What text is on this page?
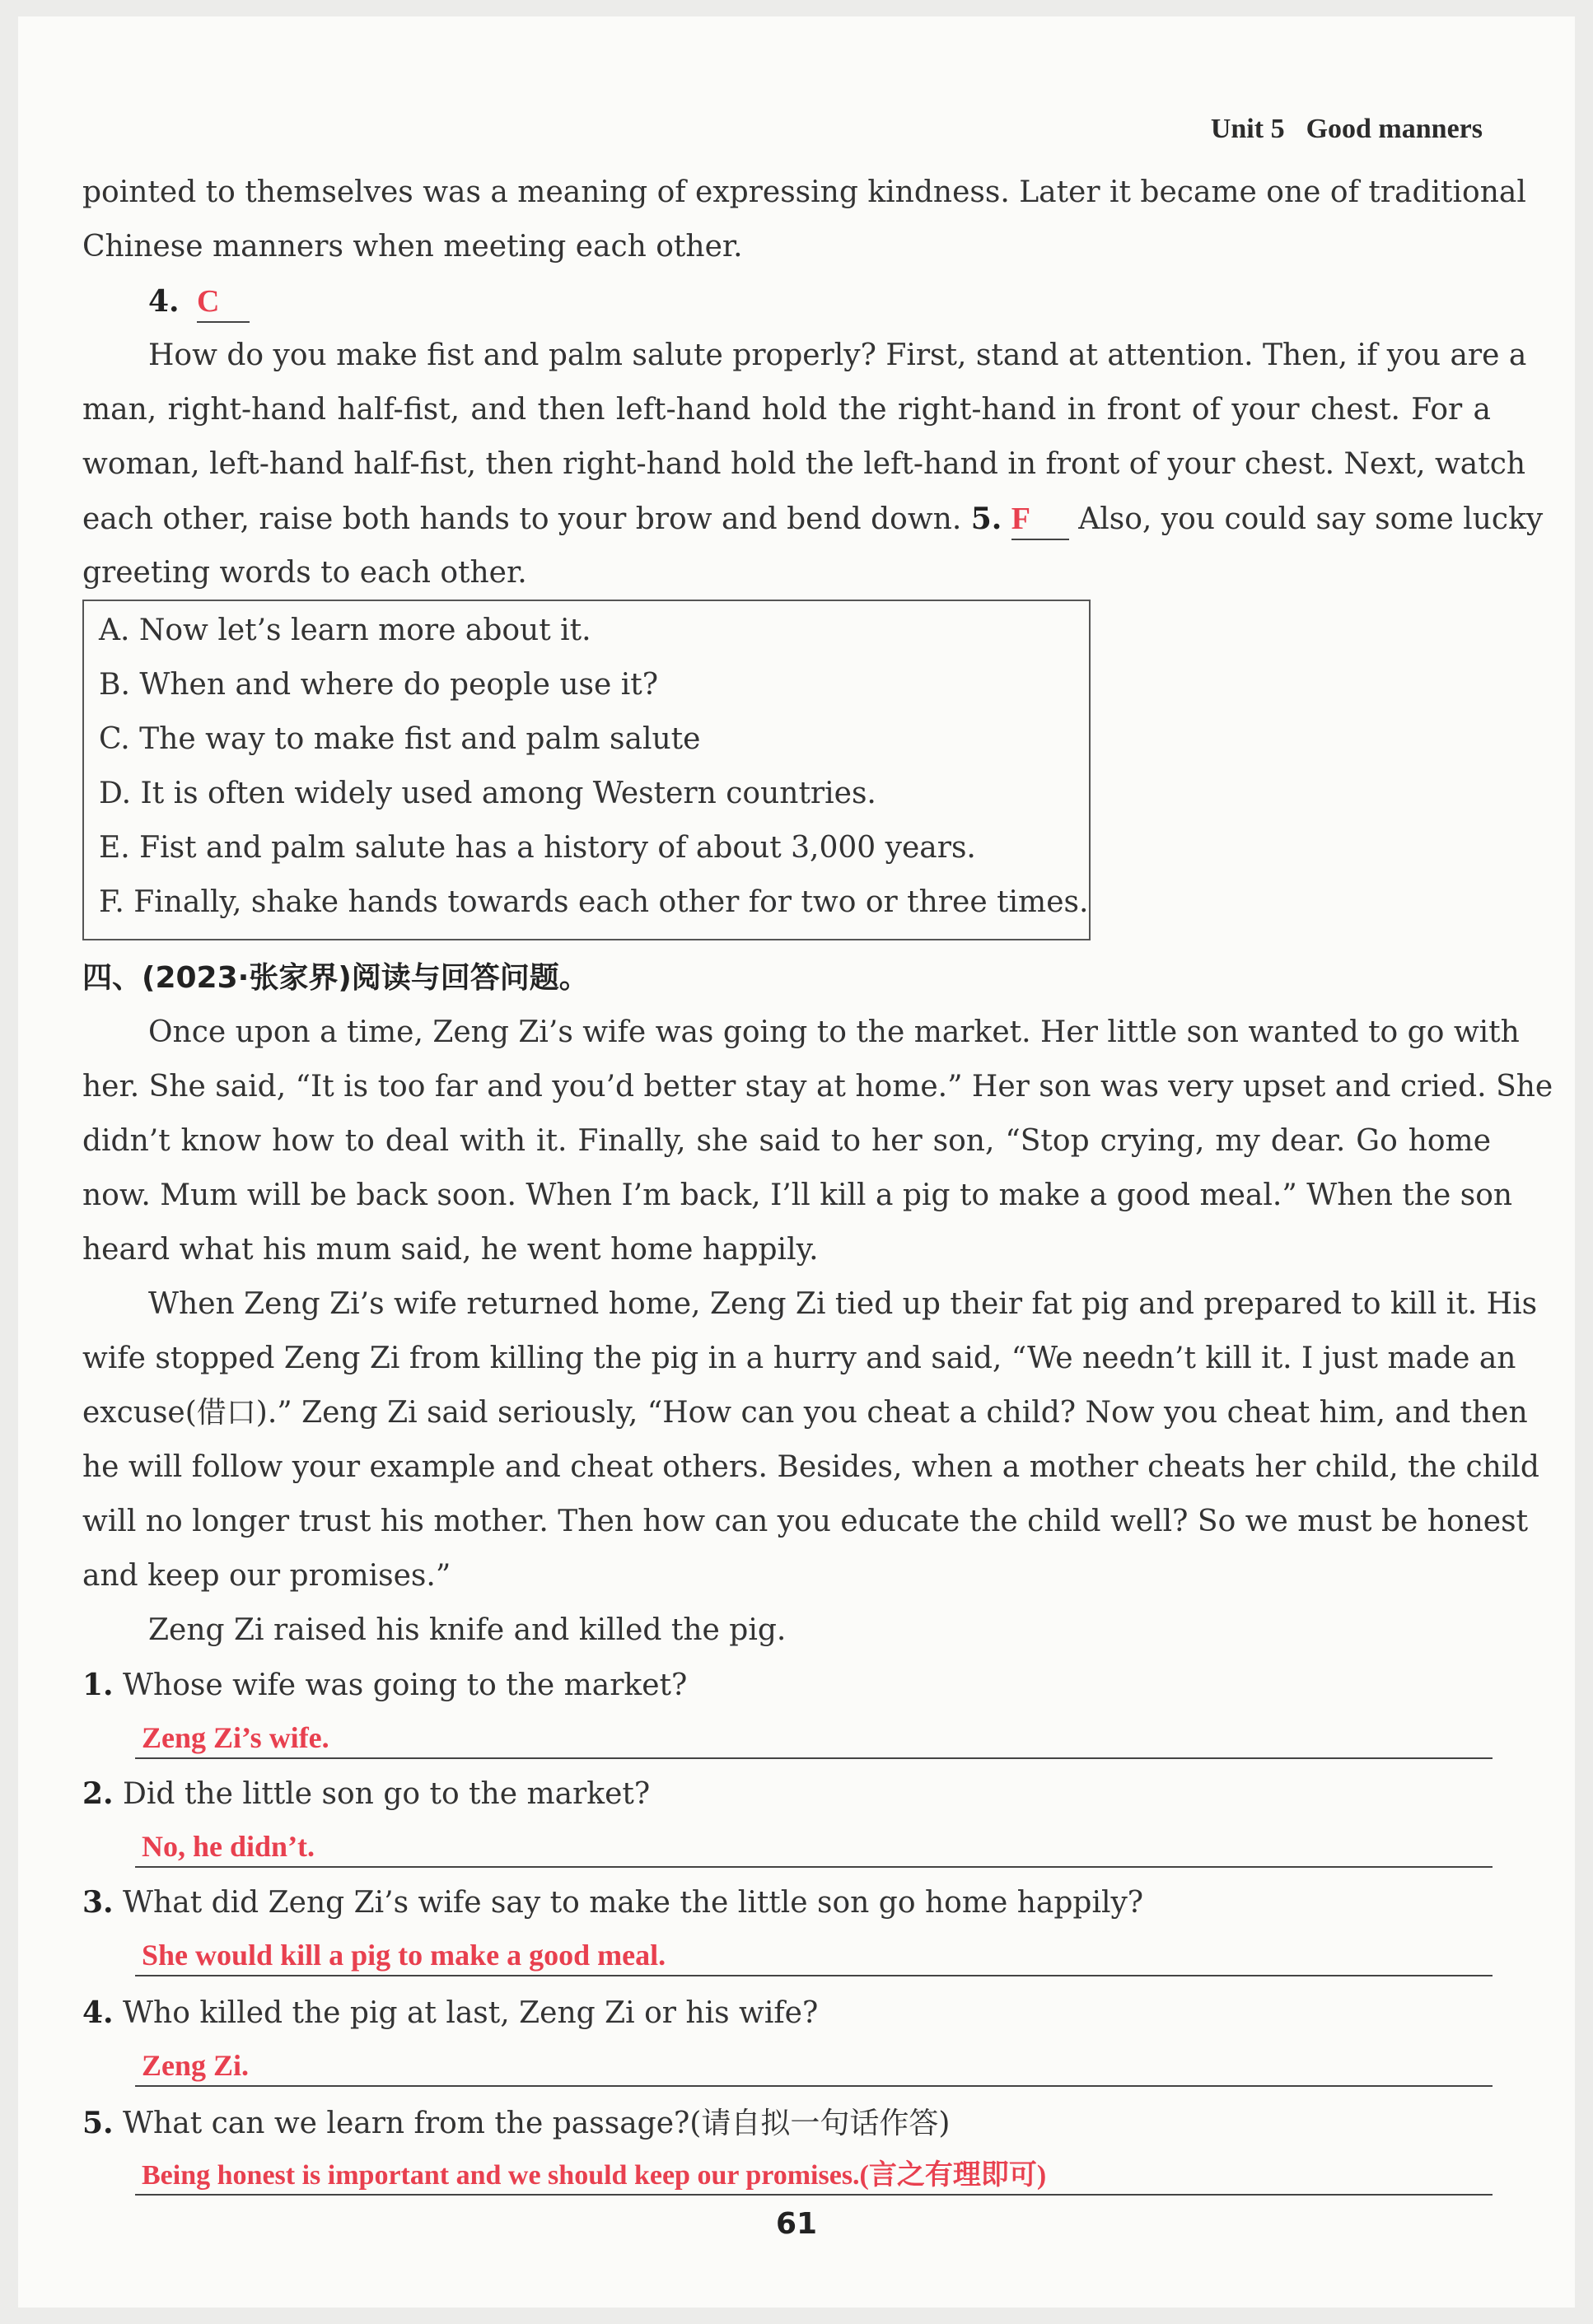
Unit 5 Good manners
pointed to themselves was a meaning of expressing kindness. Later it became one of traditional
Chinese manners when meeting each other.
4. C
How do you make fist and palm salute properly? First, stand at attention. Then, if you are a
man, right-hand half-fist, and then left-hand hold the right-hand in front of your chest. For a
woman, left-hand half-fist, then right-hand hold the left-hand in front of your chest. Next, watch
each other, raise both hands to your brow and bend down. 5. F Also, you could say some lucky
greeting words to each other.
A. Now let’s learn more about it.
B. When and where do people use it?
C. The way to make fist and palm salute
D. It is often widely used among Western countries.
E. Fist and palm salute has a history of about 3,000 years.
F. Finally, shake hands towards each other for two or three times.
四、(2023·张家界)阅读与回答问题。
Once upon a time, Zeng Zi’s wife was going to the market. Her little son wanted to go with
her. She said, “It is too far and you’d better stay at home.” Her son was very upset and cried. She
didn’t know how to deal with it. Finally, she said to her son, “Stop crying, my dear. Go home
now. Mum will be back soon. When I’m back, I’ll kill a pig to make a good meal.” When the son
heard what his mum said, he went home happily.
When Zeng Zi’s wife returned home, Zeng Zi tied up their fat pig and prepared to kill it. His
wife stopped Zeng Zi from killing the pig in a hurry and said, “We needn’t kill it. I just made an
excuse(借口).” Zeng Zi said seriously, “How can you cheat a child? Now you cheat him, and then
he will follow your example and cheat others. Besides, when a mother cheats her child, the child
will no longer trust his mother. Then how can you educate the child well? So we must be honest
and keep our promises.”
Zeng Zi raised his knife and killed the pig.
1. Whose wife was going to the market?
Zeng Zi’s wife.
2. Did the little son go to the market?
No, he didn’t.
3. What did Zeng Zi’s wife say to make the little son go home happily?
She would kill a pig to make a good meal.
4. Who killed the pig at last, Zeng Zi or his wife?
Zeng Zi.
5. What can we learn from the passage?(请自拟一句话作答)
Being honest is important and we should keep our promises.(言之有理即可)
61
